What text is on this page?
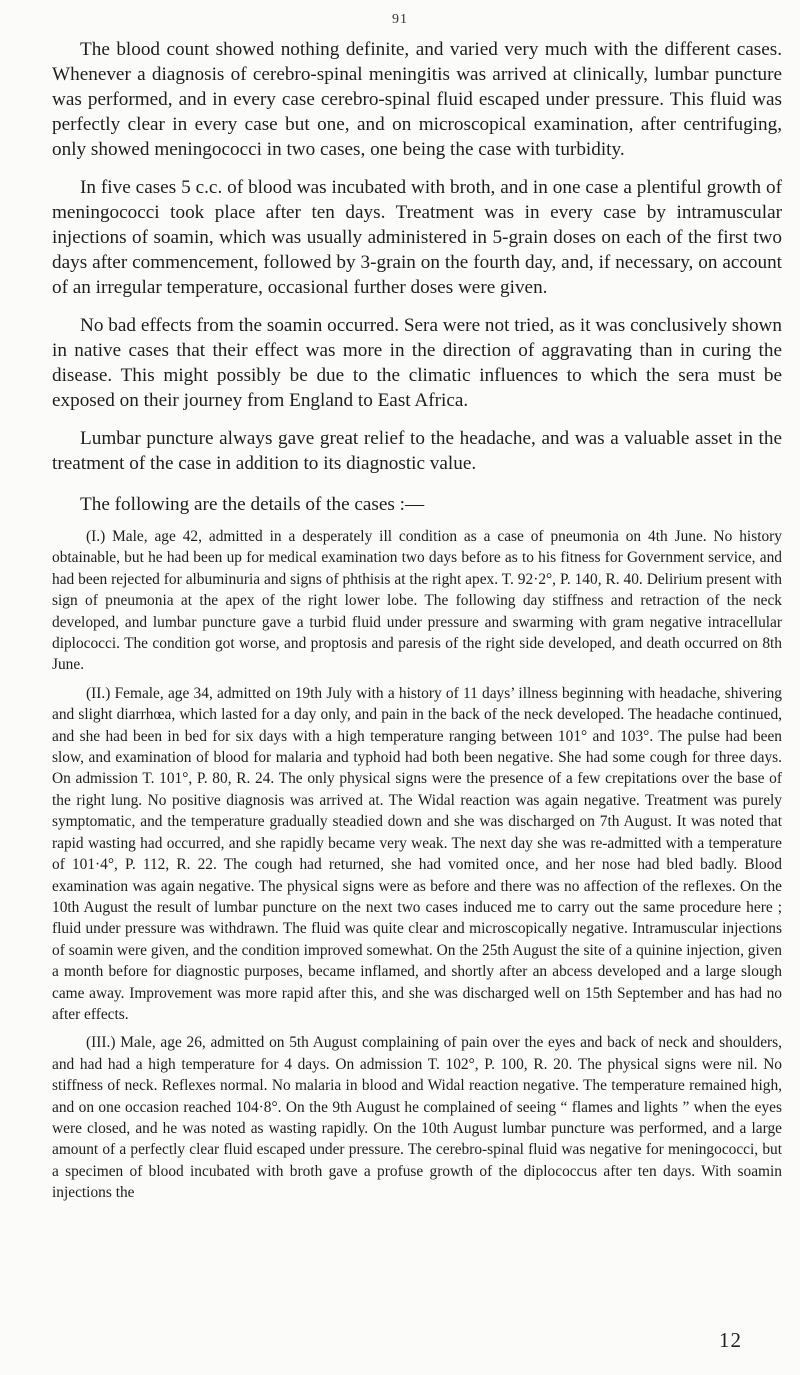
91

The blood count showed nothing definite, and varied very much with the different cases. Whenever a diagnosis of cerebro-spinal meningitis was arrived at clinically, lumbar puncture was performed, and in every case cerebro-spinal fluid escaped under pressure. This fluid was perfectly clear in every case but one, and on microscopical examination, after centrifuging, only showed meningococci in two cases, one being the case with turbidity.

In five cases 5 c.c. of blood was incubated with broth, and in one case a plentiful growth of meningococci took place after ten days. Treatment was in every case by intramuscular injections of soamin, which was usually administered in 5-grain doses on each of the first two days after commencement, followed by 3-grain on the fourth day, and, if necessary, on account of an irregular temperature, occasional further doses were given.

No bad effects from the soamin occurred. Sera were not tried, as it was conclusively shown in native cases that their effect was more in the direction of aggravating than in curing the disease. This might possibly be due to the climatic influences to which the sera must be exposed on their journey from England to East Africa.

Lumbar puncture always gave great relief to the headache, and was a valuable asset in the treatment of the case in addition to its diagnostic value.

The following are the details of the cases :—

(I.) Male, age 42, admitted in a desperately ill condition as a case of pneumonia on 4th June. No history obtainable, but he had been up for medical examination two days before as to his fitness for Government service, and had been rejected for albuminuria and signs of phthisis at the right apex. T. 92·2°, P. 140, R. 40. Delirium present with sign of pneumonia at the apex of the right lower lobe. The following day stiffness and retraction of the neck developed, and lumbar puncture gave a turbid fluid under pressure and swarming with gram negative intracellular diplococci. The condition got worse, and proptosis and paresis of the right side developed, and death occurred on 8th June.

(II.) Female, age 34, admitted on 19th July with a history of 11 days’ illness beginning with headache, shivering and slight diarrhœa, which lasted for a day only, and pain in the back of the neck developed. The headache continued, and she had been in bed for six days with a high temperature ranging between 101° and 103°. The pulse had been slow, and examination of blood for malaria and typhoid had both been negative. She had some cough for three days. On admission T. 101°, P. 80, R. 24. The only physical signs were the presence of a few crepitations over the base of the right lung. No positive diagnosis was arrived at. The Widal reaction was again negative. Treatment was purely symptomatic, and the temperature gradually steadied down and she was discharged on 7th August. It was noted that rapid wasting had occurred, and she rapidly became very weak. The next day she was re-admitted with a temperature of 101·4°, P. 112, R. 22. The cough had returned, she had vomited once, and her nose had bled badly. Blood examination was again negative. The physical signs were as before and there was no affection of the reflexes. On the 10th August the result of lumbar puncture on the next two cases induced me to carry out the same procedure here ; fluid under pressure was withdrawn. The fluid was quite clear and microscopically negative. Intramuscular injections of soamin were given, and the condition improved somewhat. On the 25th August the site of a quinine injection, given a month before for diagnostic purposes, became inflamed, and shortly after an abcess developed and a large slough came away. Improvement was more rapid after this, and she was discharged well on 15th September and has had no after effects.

(III.) Male, age 26, admitted on 5th August complaining of pain over the eyes and back of neck and shoulders, and had had a high temperature for 4 days. On admission T. 102°, P. 100, R. 20. The physical signs were nil. No stiffness of neck. Reflexes normal. No malaria in blood and Widal reaction negative. The temperature remained high, and on one occasion reached 104·8°. On the 9th August he complained of seeing “ flames and lights ” when the eyes were closed, and he was noted as wasting rapidly. On the 10th August lumbar puncture was performed, and a large amount of a perfectly clear fluid escaped under pressure. The cerebro-spinal fluid was negative for meningococci, but a specimen of blood incubated with broth gave a profuse growth of the diplococcus after ten days. With soamin injections the

12
